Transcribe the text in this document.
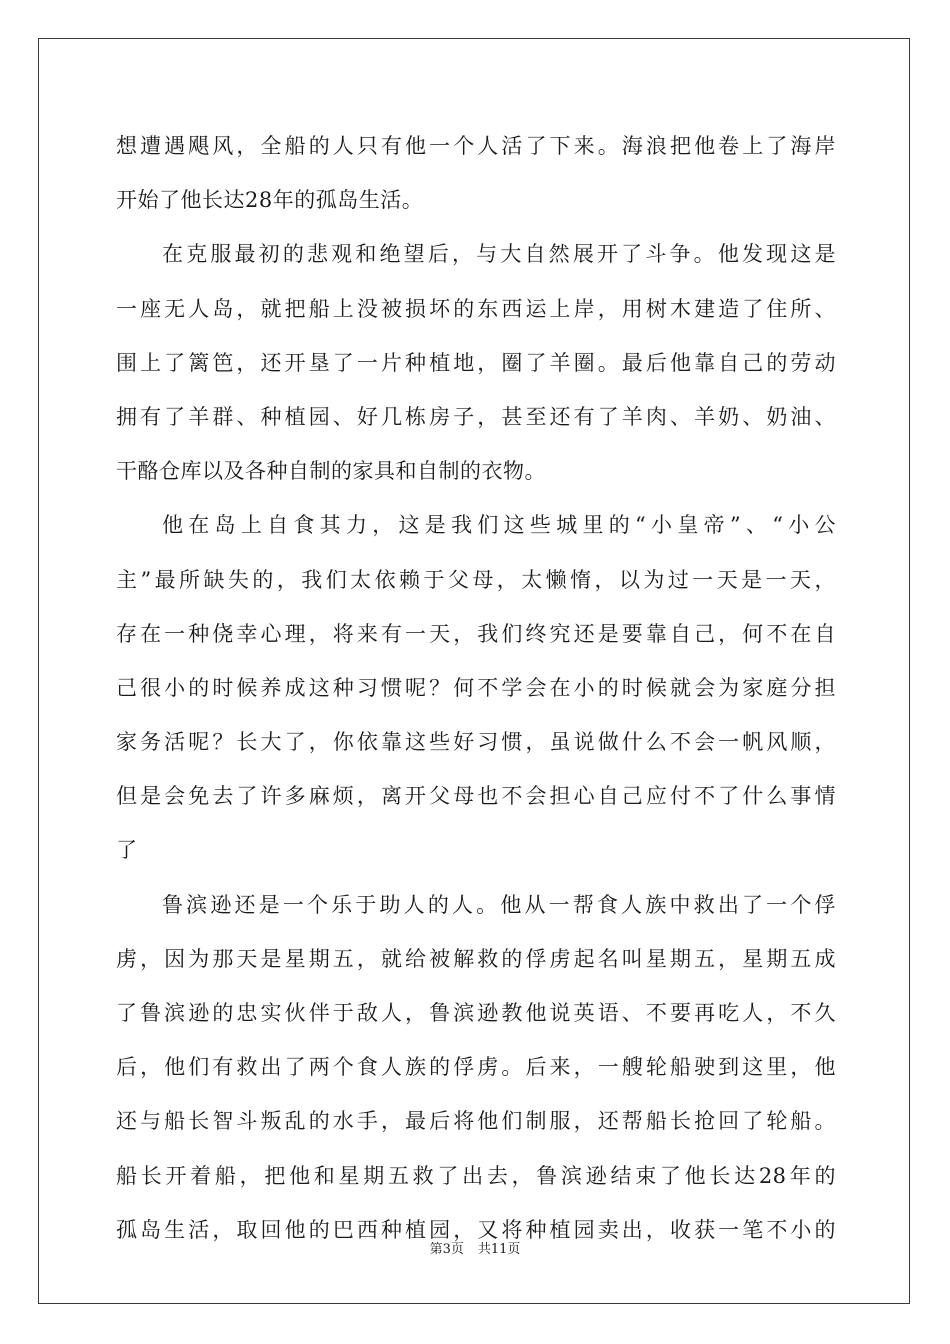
想遭遇飓风，全船的人只有他一个人活了下来。海浪把他卷上了海岸
开始了他长达28年的孤岛生活。
在克服最初的悲观和绝望后，与大自然展开了斗争。他发现这是
一座无人岛，就把船上没被损坏的东西运上岸，用树木建造了住所、
围上了篱笆，还开垦了一片种植地，圈了羊圈。最后他靠自己的劳动
拥有了羊群、种植园、好几栋房子，甚至还有了羊肉、羊奶、奶油、
干酪仓库以及各种自制的家具和自制的衣物。
他在岛上自食其力，这是我们这些城里的“小皇帝”、“小公
主”最所缺失的，我们太依赖于父母，太懒惰，以为过一天是一天，
存在一种侥幸心理，将来有一天，我们终究还是要靠自己，何不在自
己很小的时候养成这种习惯呢？何不学会在小的时候就会为家庭分担
家务活呢？长大了，你依靠这些好习惯，虽说做什么不会一帆风顺，
但是会免去了许多麻烦，离开父母也不会担心自己应付不了什么事情
了
鲁滨逊还是一个乐于助人的人。他从一帮食人族中救出了一个俘
虏，因为那天是星期五，就给被解救的俘虏起名叫星期五，星期五成
了鲁滨逊的忠实伙伴于敌人，鲁滨逊教他说英语、不要再吃人，不久
后，他们有救出了两个食人族的俘虏。后来，一艘轮船驶到这里，他
还与船长智斗叛乱的水手，最后将他们制服，还帮船长抢回了轮船。
船长开着船，把他和星期五救了出去，鲁滨逊结束了他长达28年的
孤岛生活，取回他的巴西种植园，又将种植园卖出，收获一笔不小的
第3页 共11页
